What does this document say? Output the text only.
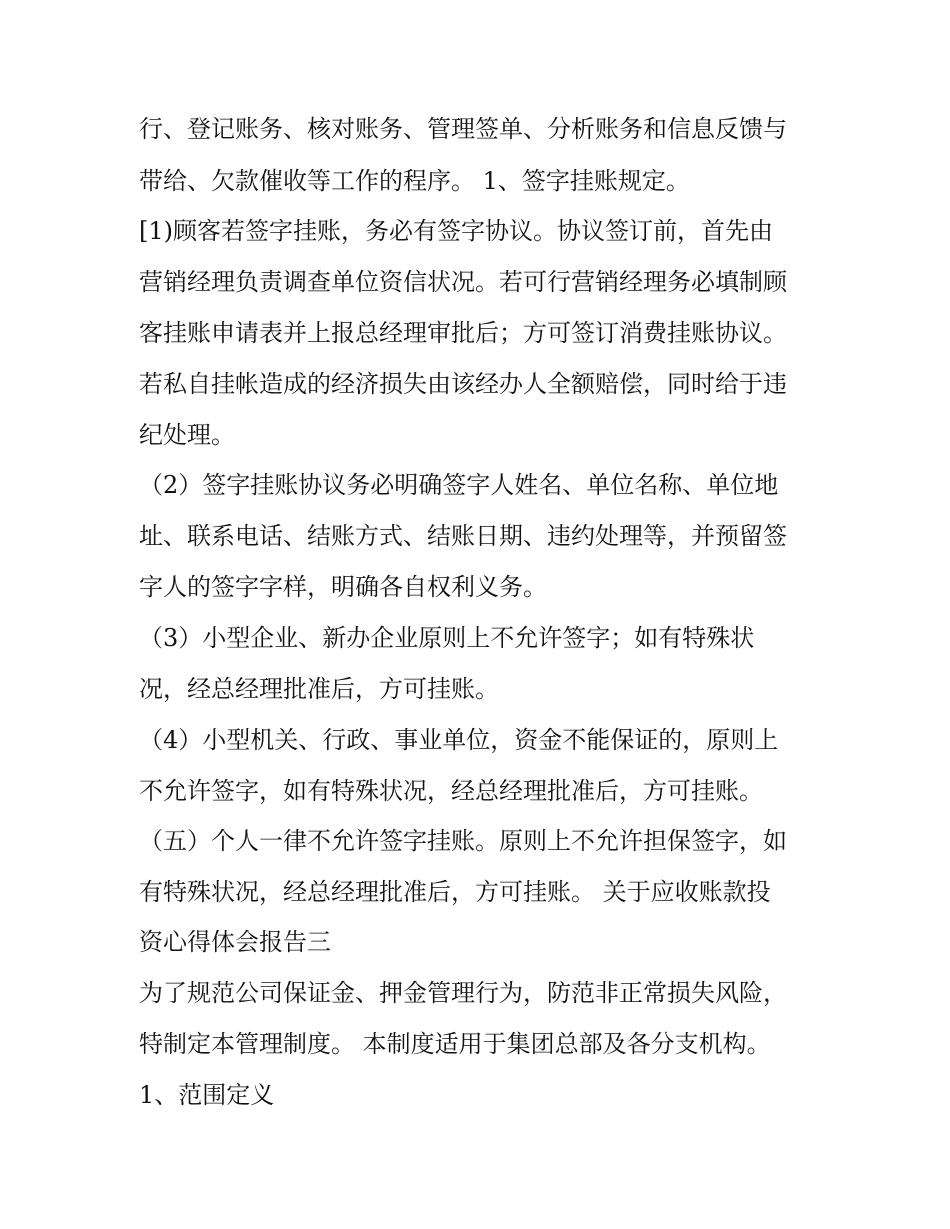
行、登记账务、核对账务、管理签单、分析账务和信息反馈与
带给、欠款催收等工作的程序。 1、签字挂账规定。
[1)顾客若签字挂账，务必有签字协议。协议签订前，首先由
营销经理负责调查单位资信状况。若可行营销经理务必填制顾
客挂账申请表并上报总经理审批后；方可签订消费挂账协议。
若私自挂帐造成的经济损失由该经办人全额赔偿，同时给于违
纪处理。
（2）签字挂账协议务必明确签字人姓名、单位名称、单位地
址、联系电话、结账方式、结账日期、违约处理等，并预留签
字人的签字字样，明确各自权利义务。
（3）小型企业、新办企业原则上不允许签字；如有特殊状
况，经总经理批准后，方可挂账。
（4）小型机关、行政、事业单位，资金不能保证的，原则上
不允许签字，如有特殊状况，经总经理批准后，方可挂账。
（五）个人一律不允许签字挂账。原则上不允许担保签字，如
有特殊状况，经总经理批准后，方可挂账。 关于应收账款投
资心得体会报告三
为了规范公司保证金、押金管理行为，防范非正常损失风险，
特制定本管理制度。 本制度适用于集团总部及各分支机构。
1、范围定义
